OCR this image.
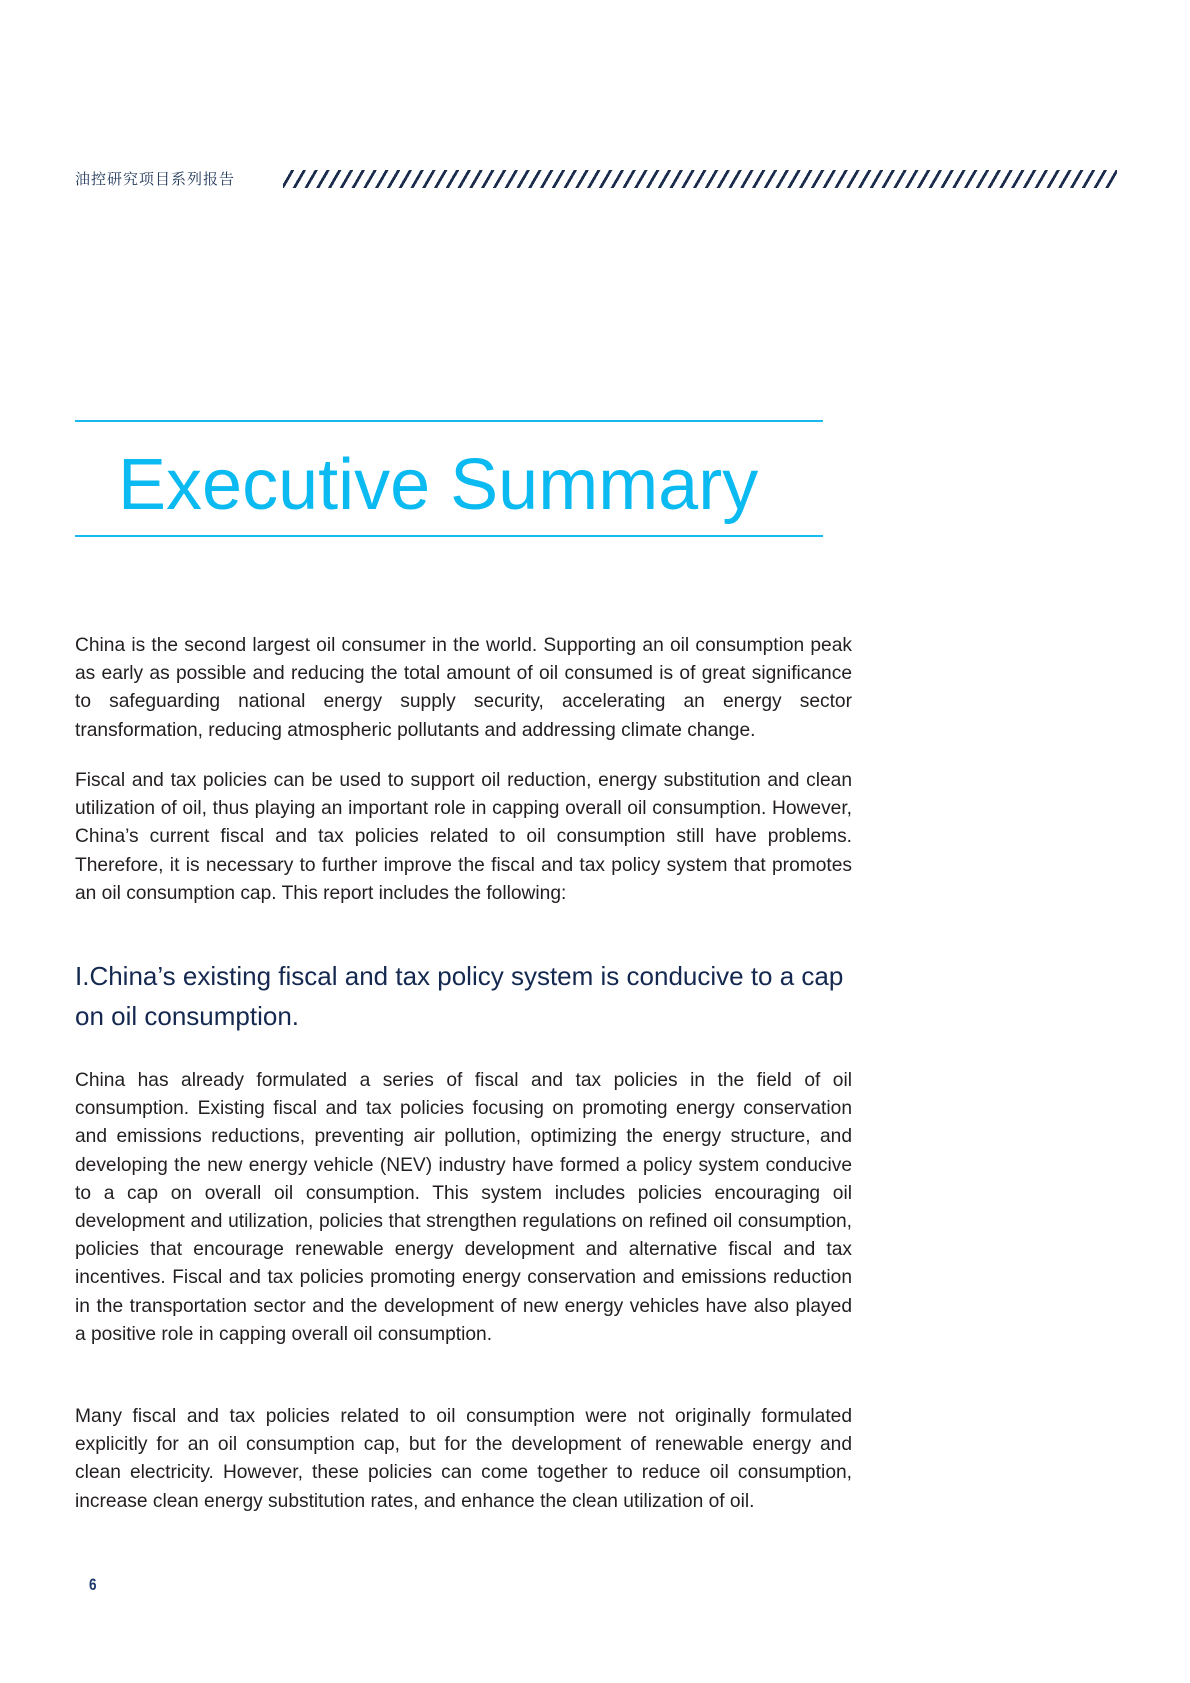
油控研究项目系列报告
Executive Summary

China is the second largest oil consumer in the world. Supporting an oil consumption peak as early as possible and reducing the total amount of oil consumed is of great significance to safeguarding national energy supply security, accelerating an energy sector transformation, reducing atmospheric pollutants and addressing climate change.

Fiscal and tax policies can be used to support oil reduction, energy substitution and clean utilization of oil, thus playing an important role in capping overall oil consumption. However, China’s current fiscal and tax policies related to oil consumption still have problems. Therefore, it is necessary to further improve the fiscal and tax policy system that promotes an oil consumption cap. This report includes the following:

I.China’s existing fiscal and tax policy system is conducive to a cap on oil consumption.

China has already formulated a series of fiscal and tax policies in the field of oil consumption. Existing fiscal and tax policies focusing on promoting energy conservation and emissions reductions, preventing air pollution, optimizing the energy structure, and developing the new energy vehicle (NEV) industry have formed a policy system conducive to a cap on overall oil consumption. This system includes policies encouraging oil development and utilization, policies that strengthen regulations on refined oil consumption, policies that encourage renewable energy development and alternative fiscal and tax incentives. Fiscal and tax policies promoting energy conservation and emissions reduction in the transportation sector and the development of new energy vehicles have also played a positive role in capping overall oil consumption.

Many fiscal and tax policies related to oil consumption were not originally formulated explicitly for an oil consumption cap, but for the development of renewable energy and clean electricity. However, these policies can come together to reduce oil consumption, increase clean energy substitution rates, and enhance the clean utilization of oil.

6
